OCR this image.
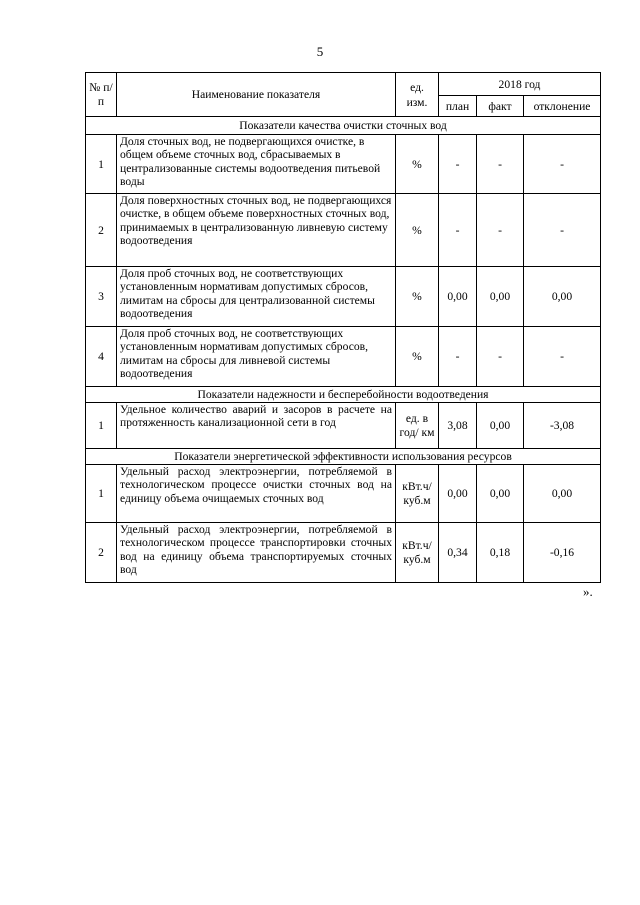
5
№ п/п	Наименование показателя	ед. изм.	2018 год		
			план	факт	отклонение
Показатели качества очистки сточных вод					
1	Доля сточных вод, не подвергающихся очистке, в общем объеме сточных вод, сбрасываемых в централизованные системы водоотведения питьевой воды	%	-	-	-
2	Доля поверхностных сточных вод, не подвергающихся очистке, в общем объеме поверхностных сточных вод, принимаемых в централизованную ливневую систему водоотведения	%	-	-	-
3	Доля проб сточных вод, не соответствующих установленным нормативам допустимых сбросов, лимитам на сбросы для централизованной системы водоотведения	%	0,00	0,00	0,00
4	Доля проб сточных вод, не соответствующих установленным нормативам допустимых сбросов, лимитам на сбросы для ливневой системы водоотведения	%	-	-	-
Показатели надежности и бесперебойности водоотведения					
1	Удельное количество аварий и засоров в расчете на протяженность канализационной сети в год	ед. в год/ км	3,08	0,00	-3,08
Показатели энергетической эффективности использования ресурсов					
1	Удельный расход электроэнергии, потребляемой в технологическом процессе очистки сточных вод на единицу объема очищаемых сточных вод	кВт.ч/ куб.м	0,00	0,00	0,00
2	Удельный расход электроэнергии, потребляемой в технологическом процессе транспортировки сточных вод на единицу объема транспортируемых сточных вод	кВт.ч/ куб.м	0,34	0,18	-0,16
».
